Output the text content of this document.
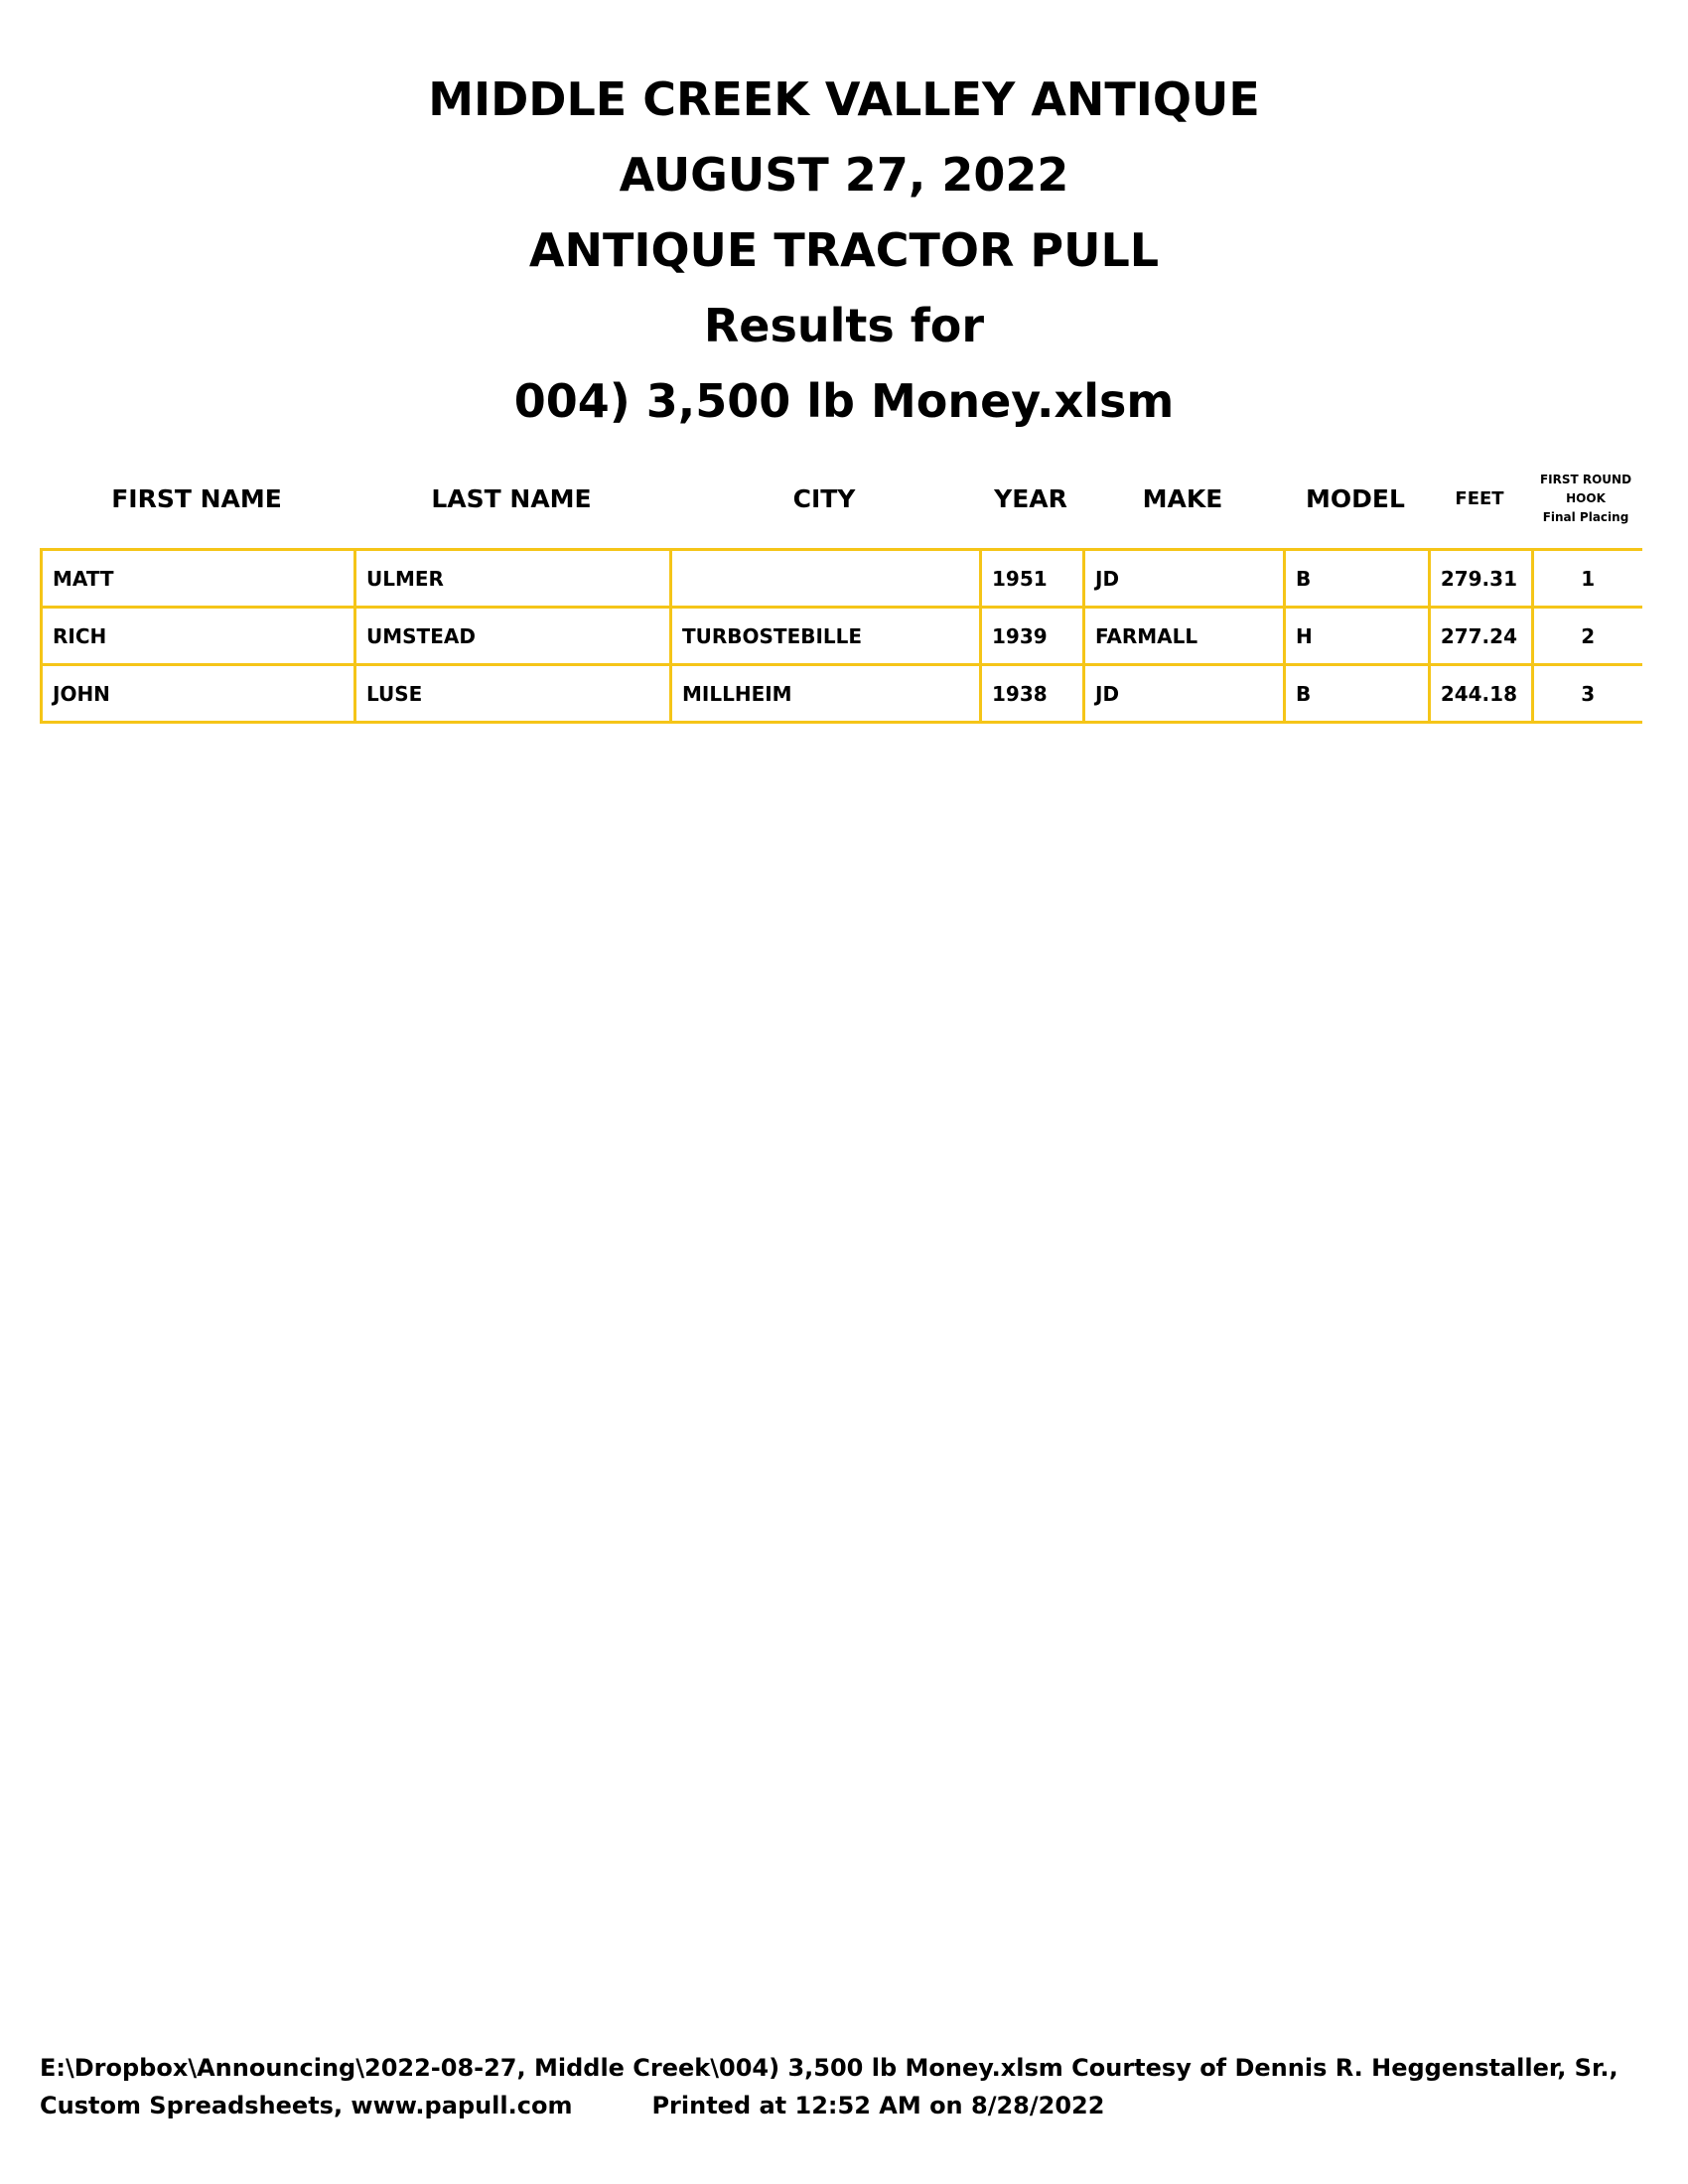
MIDDLE CREEK VALLEY ANTIQUE
AUGUST 27, 2022
ANTIQUE TRACTOR PULL
Results for
004) 3,500 lb Money.xlsm
FIRST NAME	LAST NAME	CITY	YEAR	MAKE	MODEL	FEET
FIRST ROUND
HOOK
Final Placing
MATT	ULMER		1951	JD	B	279.31	1
RICH	UMSTEAD	TURBOSTEBILLE	1939	FARMALL	H	277.24	2
JOHN	LUSE	MILLHEIM	1938	JD	B	244.18	3
E:\Dropbox\Announcing\2022-08-27, Middle Creek\004) 3,500 lb Money.xlsm Courtesy of Dennis R. Heggenstaller, Sr.,
Custom Spreadsheets, www.papull.com	Printed at 12:52 AM on 8/28/2022
